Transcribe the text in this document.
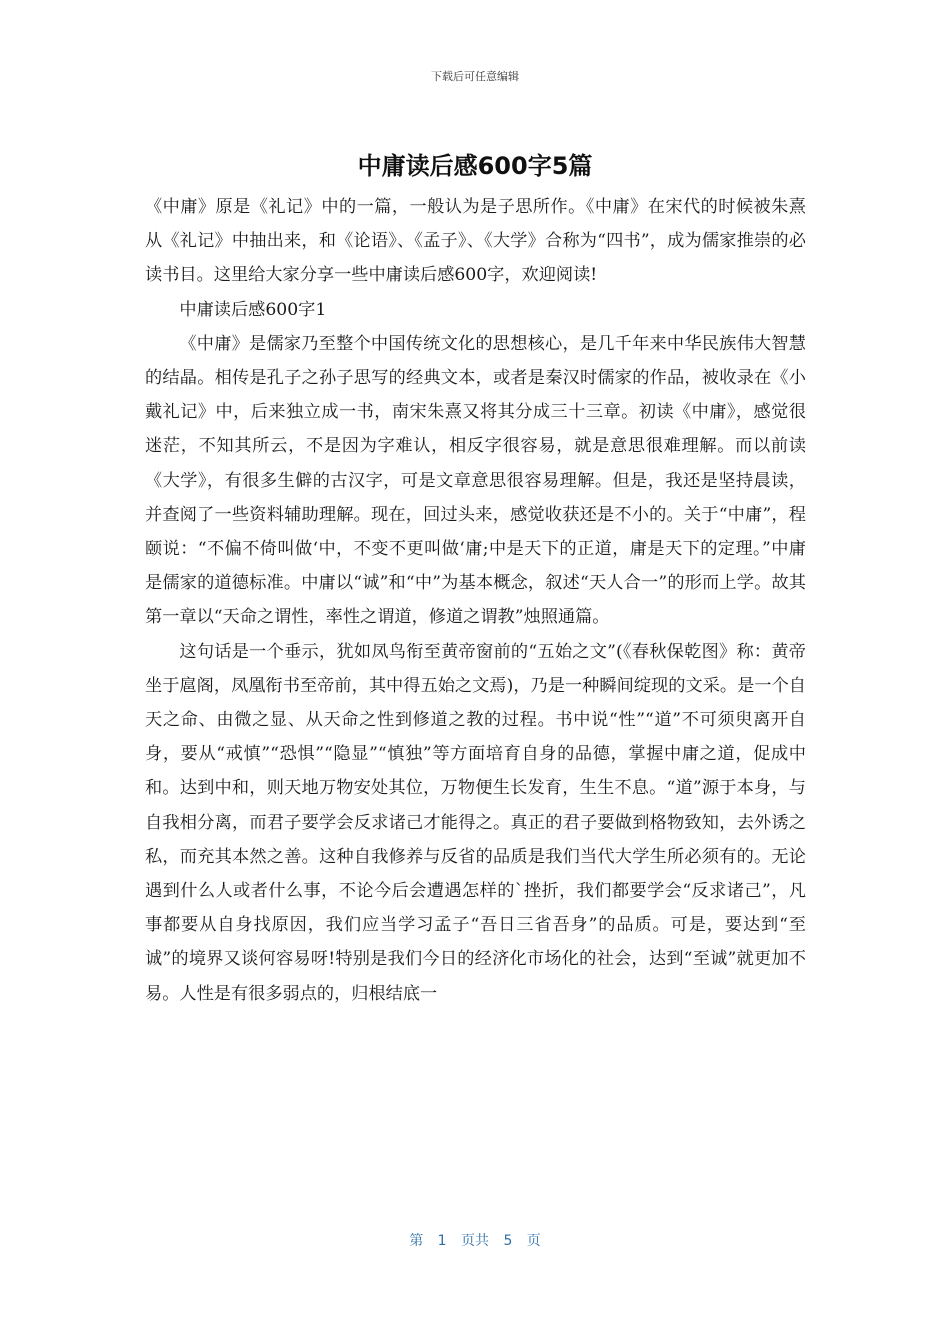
下载后可任意编辑
中庸读后感600字5篇

《中庸》原是《礼记》中的一篇，一般认为是子思所作。《中庸》在宋代的时候被朱熹从《礼记》中抽出来，和《论语》、《孟子》、《大学》合称为“四书”，成为儒家推崇的必读书目。这里给大家分享一些中庸读后感600字，欢迎阅读!

中庸读后感600字1

《中庸》是儒家乃至整个中国传统文化的思想核心，是几千年来中华民族伟大智慧的结晶。相传是孔子之孙子思写的经典文本，或者是秦汉时儒家的作品，被收录在《小戴礼记》中，后来独立成一书，南宋朱熹又将其分成三十三章。初读《中庸》，感觉很迷茫，不知其所云，不是因为字难认，相反字很容易，就是意思很难理解。而以前读《大学》，有很多生僻的古汉字，可是文章意思很容易理解。但是，我还是坚持晨读，并查阅了一些资料辅助理解。现在，回过头来，感觉收获还是不小的。关于“中庸”，程颐说：“不偏不倚叫做‘中，不变不更叫做‘庸;中是天下的正道，庸是天下的定理。”中庸是儒家的道德标准。中庸以“诚”和“中”为基本概念，叙述“天人合一”的形而上学。故其第一章以“天命之谓性，率性之谓道，修道之谓教”烛照通篇。

这句话是一个垂示，犹如凤鸟衔至黄帝窗前的“五始之文”(《春秋保乾图》称：黄帝坐于扈阁，凤凰衔书至帝前，其中得五始之文焉)，乃是一种瞬间绽现的文采。是一个自天之命、由微之显、从天命之性到修道之教的过程。书中说“性”“道”不可须臾离开自身，要从“戒慎”“恐惧”“隐显”“慎独”等方面培育自身的品德，掌握中庸之道，促成中和。达到中和，则天地万物安处其位，万物便生长发育，生生不息。“道”源于本身，与自我相分离，而君子要学会反求诸己才能得之。真正的君子要做到格物致知，去外诱之私，而充其本然之善。这种自我修养与反省的品质是我们当代大学生所必须有的。无论遇到什么人或者什么事，不论今后会遭遇怎样的`挫折，我们都要学会“反求诸己”，凡事都要从自身找原因，我们应当学习孟子“吾日三省吾身”的品质。可是，要达到“至诚”的境界又谈何容易呀!特别是我们今日的经济化市场化的社会，达到“至诚”就更加不易。人性是有很多弱点的，归根结底一

第 1 页共 5 页
